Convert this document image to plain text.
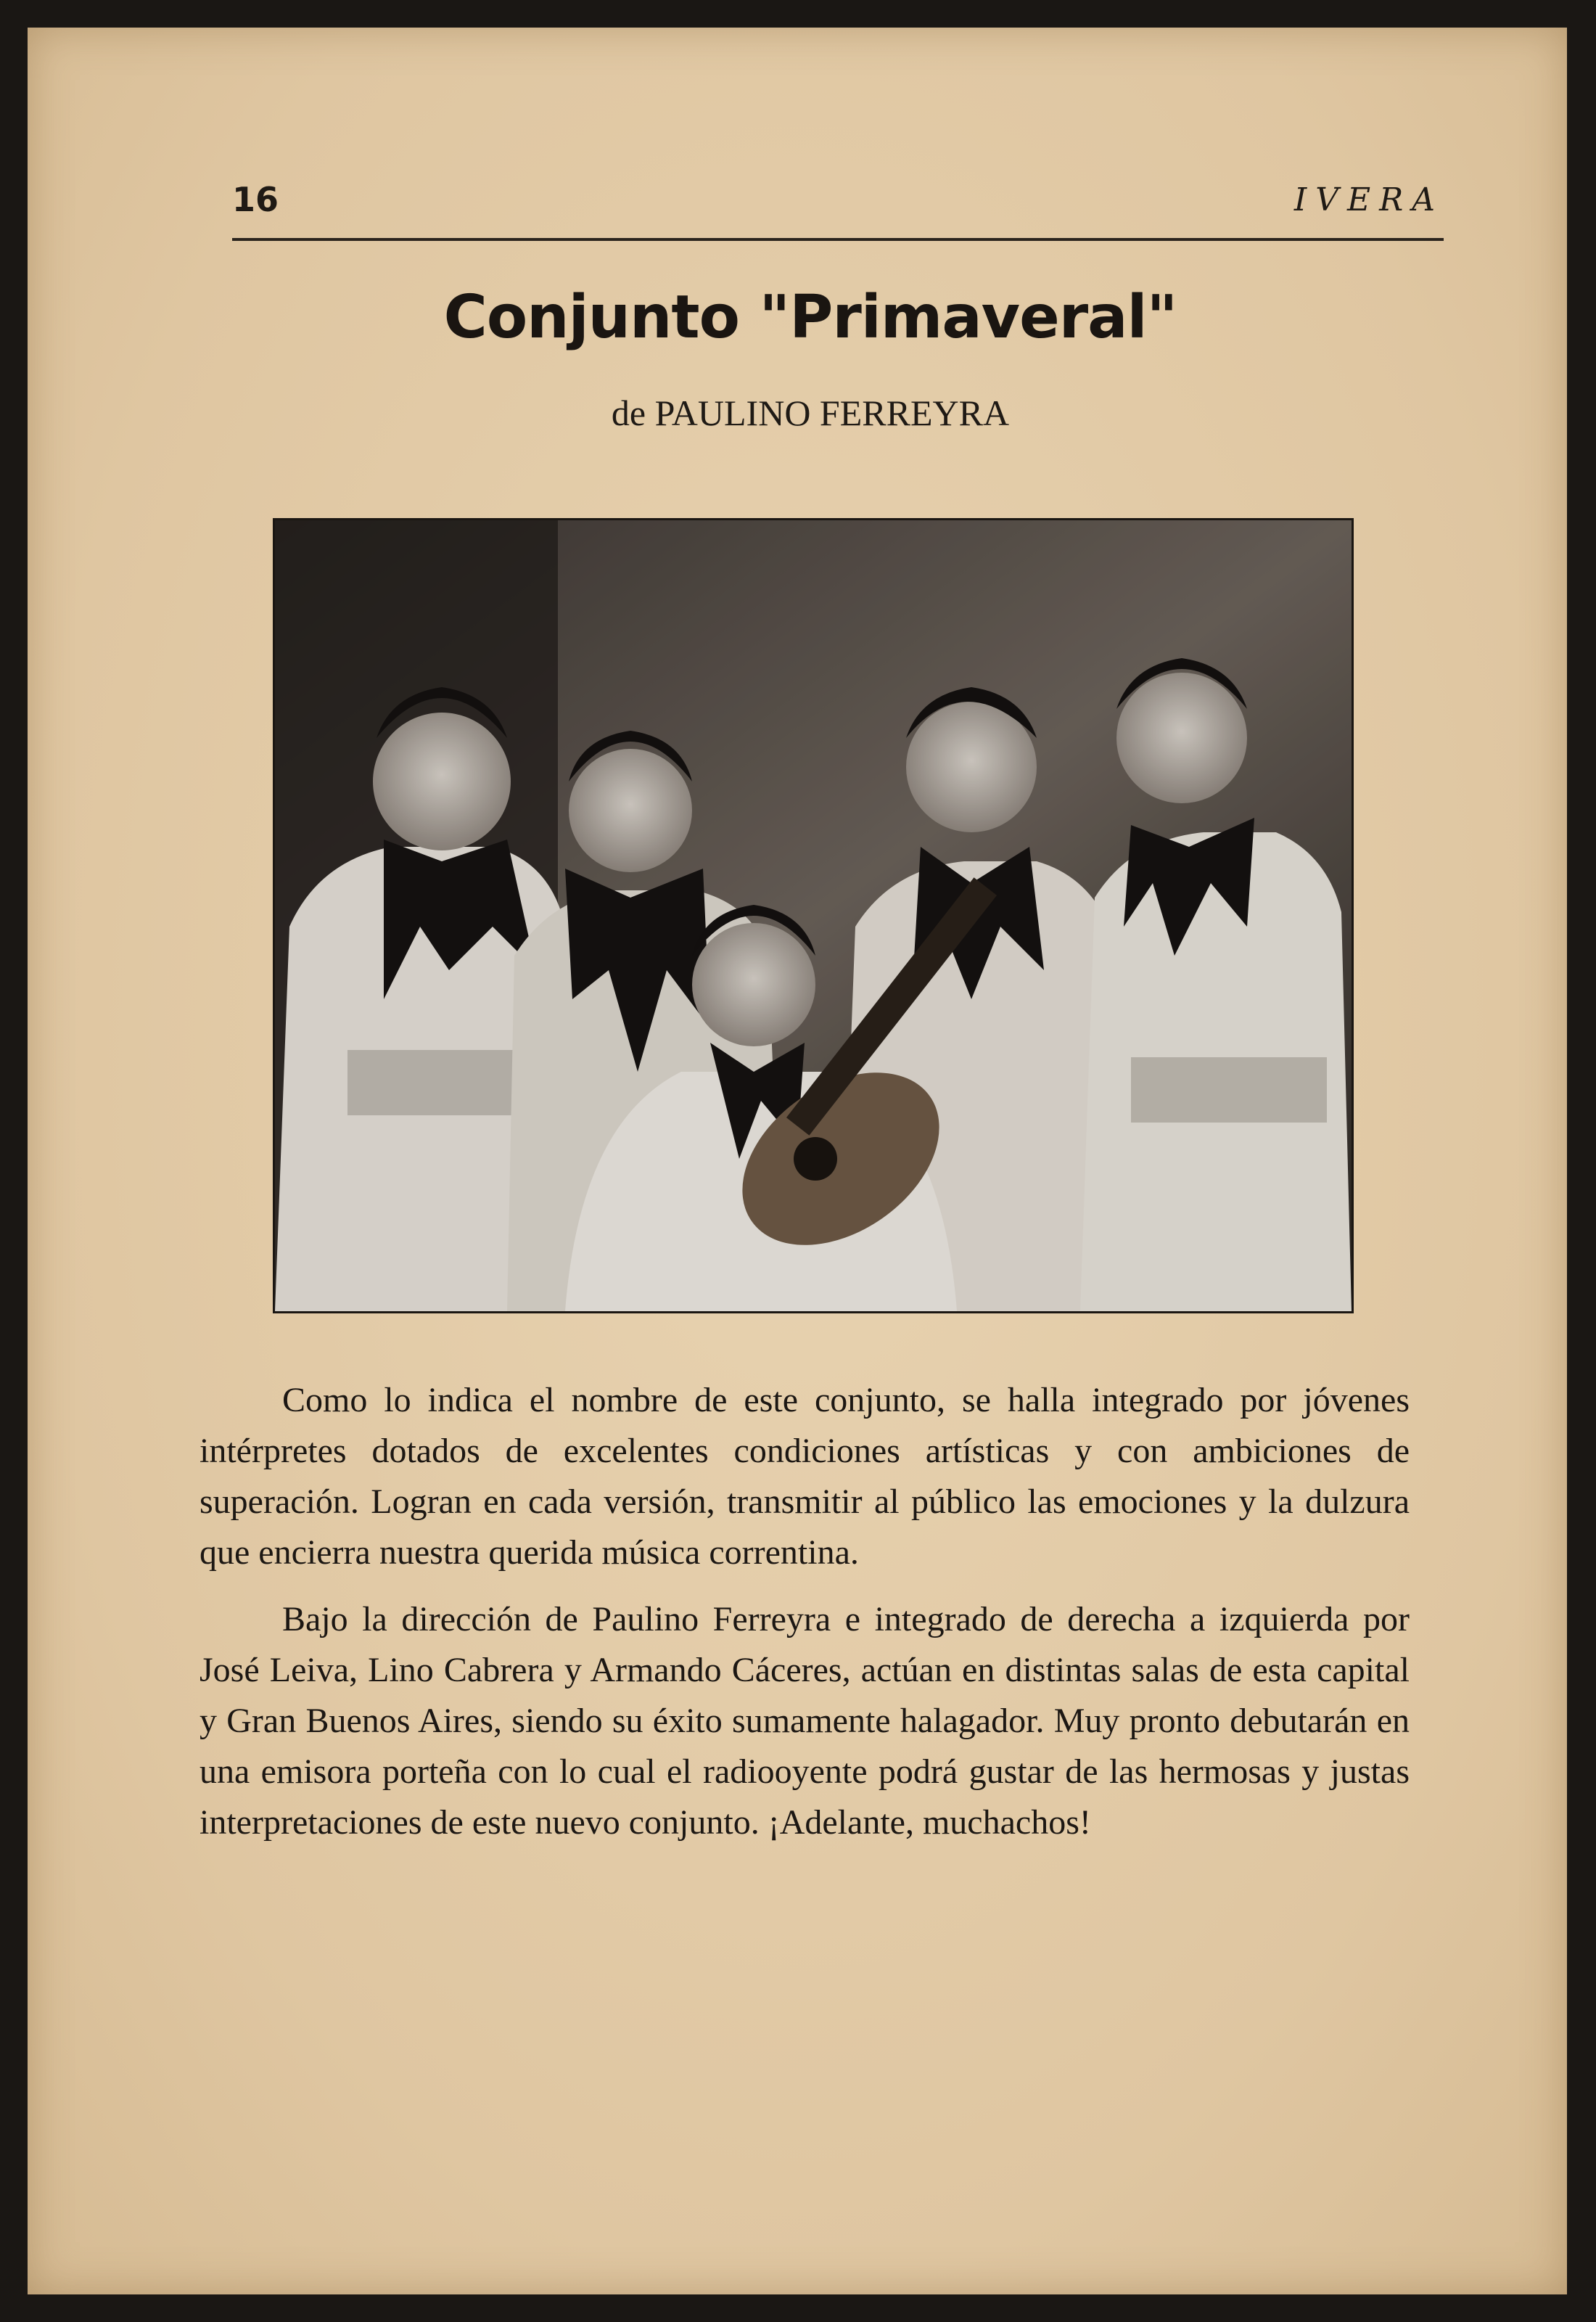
16	IVERA
Conjunto "Primaveral"
de PAULINO FERREYRA

Como lo indica el nombre de este conjunto, se halla integrado por jóvenes intérpretes dotados de excelentes condiciones artísticas y con ambiciones de superación. Logran en cada versión, transmitir al público las emociones y la dulzura que encierra nuestra querida música correntina.

Bajo la dirección de Paulino Ferreyra e integrado de derecha a izquierda por José Leiva, Lino Cabrera y Armando Cáceres, actúan en distintas salas de esta capital y Gran Buenos Aires, siendo su éxito sumamente halagador. Muy pronto debutarán en una emisora porteña con lo cual el radiooyente podrá gustar de las hermosas y justas interpretaciones de este nuevo conjunto. ¡Adelante, muchachos!
